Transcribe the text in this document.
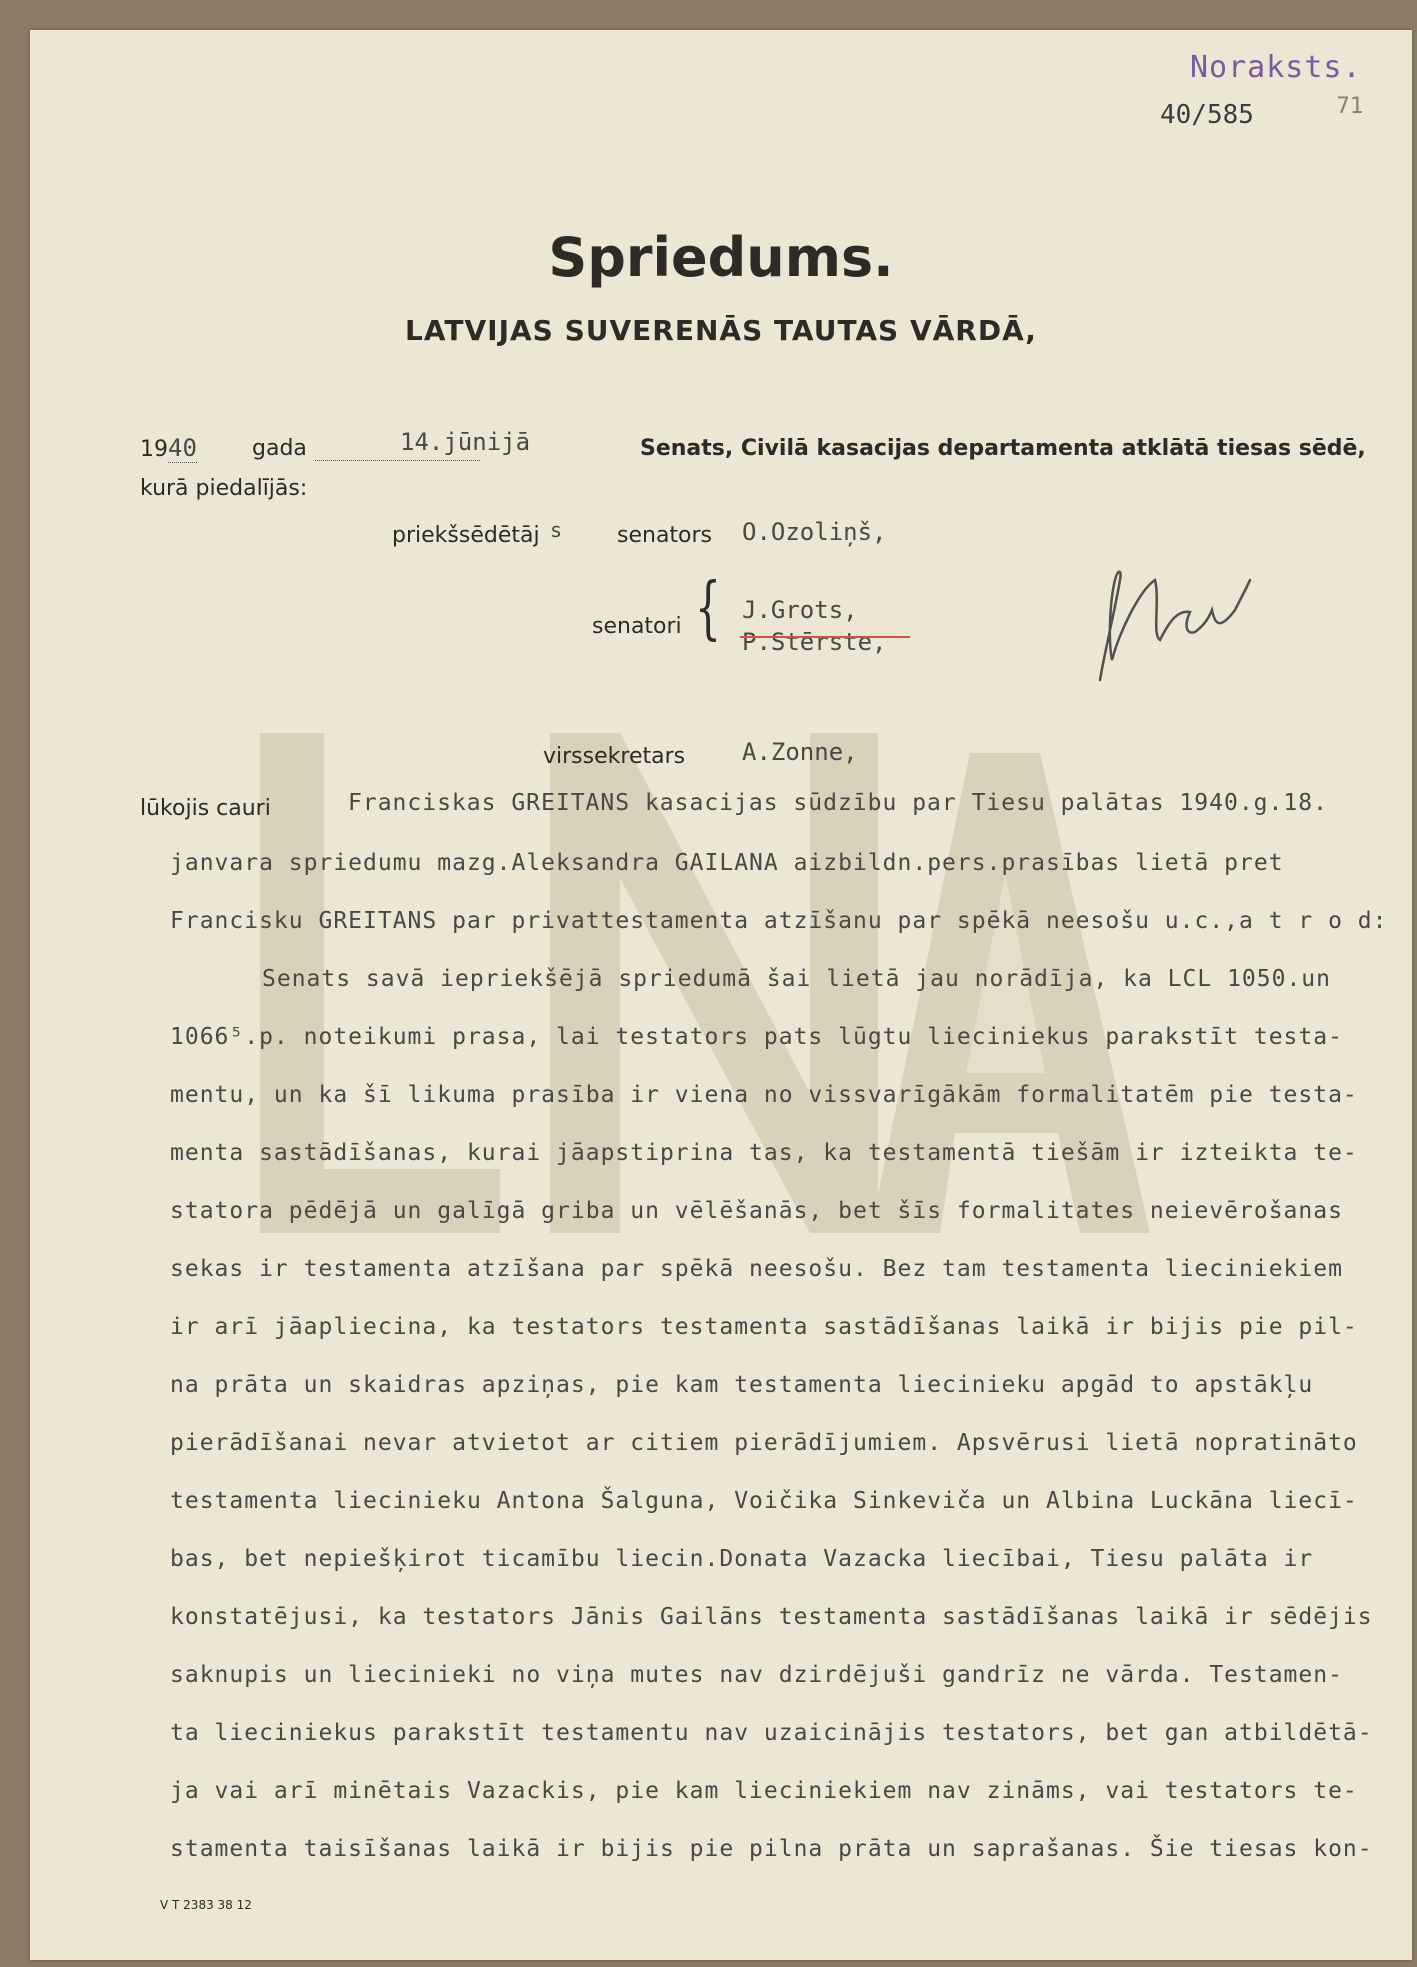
Noraksts.
40/585	71
Spriedums.
LATVIJAS SUVERENĀS TAUTAS VĀRDĀ,
1940	gada	14.jūnijā	Senats, Civilā kasacijas departamenta atklātā tiesas sēdē,
kurā piedalījās:
priekšsēdētāj s senators O.Ozoliņš,
senatori { J.Grots,
P.Stērste,
virssekretars A.Zonne,
lūkojis cauri	Franciskas GREITANS kasacijas sūdzību par Tiesu palātas 1940.g.18.
janvara spriedumu mazg.Aleksandra GAILANA aizbildn.pers.prasības lietā pret
Francisku GREITANS par privattestamenta atzīšanu par spēkā neesošu u.c.,a t r o d:
Senats savā iepriekšējā spriedumā šai lietā jau norādīja, ka LCL 1050.un
1066⁵.p. noteikumi prasa, lai testators pats lūgtu lieciniekus parakstīt testa-
mentu, un ka šī likuma prasība ir viena no vissvarīgākām formalitatēm pie testa-
menta sastādīšanas, kurai jāapstiprina tas, ka testamentā tiešām ir izteikta te-
statora pēdējā un galīgā griba un vēlēšanās, bet šīs formalitates neievērošanas
sekas ir testamenta atzīšana par spēkā neesošu. Bez tam testamenta lieciniekiem
ir arī jāapliecina, ka testators testamenta sastādīšanas laikā ir bijis pie pil-
na prāta un skaidras apziņas, pie kam testamenta liecinieku apgād to apstākļu
pierādīšanai nevar atvietot ar citiem pierādījumiem. Apsvērusi lietā nopratināto
testamenta liecinieku Antona Šalguna, Voičika Sinkeviča un Albina Luckāna liecī-
bas, bet nepiešķirot ticamību liecin.Donata Vazacka liecībai, Tiesu palāta ir
konstatējusi, ka testators Jānis Gailāns testamenta sastādīšanas laikā ir sēdējis
saknupis un liecinieki no viņa mutes nav dzirdējuši gandrīz ne vārda. Testamen-
ta lieciniekus parakstīt testamentu nav uzaicinājis testators, bet gan atbildētā-
ja vai arī minētais Vazackis, pie kam lieciniekiem nav zināms, vai testators te-
stamenta taisīšanas laikā ir bijis pie pilna prāta un saprašanas. Šie tiesas kon-
V T 2383 38 12
